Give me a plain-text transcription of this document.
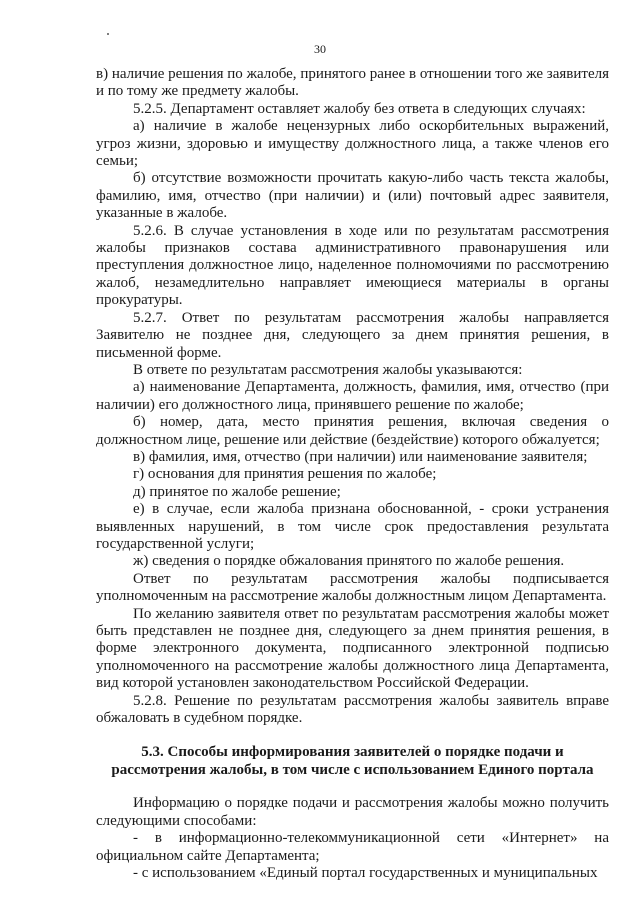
30

в) наличие решения по жалобе, принятого ранее в отношении того же заявителя и по тому же предмету жалобы.

5.2.5. Департамент оставляет жалобу без ответа в следующих случаях:

а) наличие в жалобе нецензурных либо оскорбительных выражений, угроз жизни, здоровью и имуществу должностного лица, а также членов его семьи;

б) отсутствие возможности прочитать какую-либо часть текста жалобы, фамилию, имя, отчество (при наличии) и (или) почтовый адрес заявителя, указанные в жалобе.

5.2.6. В случае установления в ходе или по результатам рассмотрения жалобы признаков состава административного правонарушения или преступления должностное лицо, наделенное полномочиями по рассмотрению жалоб, незамедлительно направляет имеющиеся материалы в органы прокуратуры.

5.2.7. Ответ по результатам рассмотрения жалобы направляется Заявителю не позднее дня, следующего за днем принятия решения, в письменной форме.

В ответе по результатам рассмотрения жалобы указываются:

а) наименование Департамента, должность, фамилия, имя, отчество (при наличии) его должностного лица, принявшего решение по жалобе;

б) номер, дата, место принятия решения, включая сведения о должностном лице, решение или действие (бездействие) которого обжалуется;

в) фамилия, имя, отчество (при наличии) или наименование заявителя;

г) основания для принятия решения по жалобе;

д) принятое по жалобе решение;

е) в случае, если жалоба признана обоснованной, - сроки устранения выявленных нарушений, в том числе срок предоставления результата государственной услуги;

ж) сведения о порядке обжалования принятого по жалобе решения.

Ответ по результатам рассмотрения жалобы подписывается уполномоченным на рассмотрение жалобы должностным лицом Департамента.

По желанию заявителя ответ по результатам рассмотрения жалобы может быть представлен не позднее дня, следующего за днем принятия решения, в форме электронного документа, подписанного электронной подписью уполномоченного на рассмотрение жалобы должностного лица Департамента, вид которой установлен законодательством Российской Федерации.

5.2.8. Решение по результатам рассмотрения жалобы заявитель вправе обжаловать в судебном порядке.

5.3. Способы информирования заявителей о порядке подачи и
рассмотрения жалобы, в том числе с использованием Единого портала

Информацию о порядке подачи и рассмотрения жалобы можно получить следующими способами:

- в информационно-телекоммуникационной сети «Интернет» на официальном сайте Департамента;

- с использованием «Единый портал государственных и муниципальных
